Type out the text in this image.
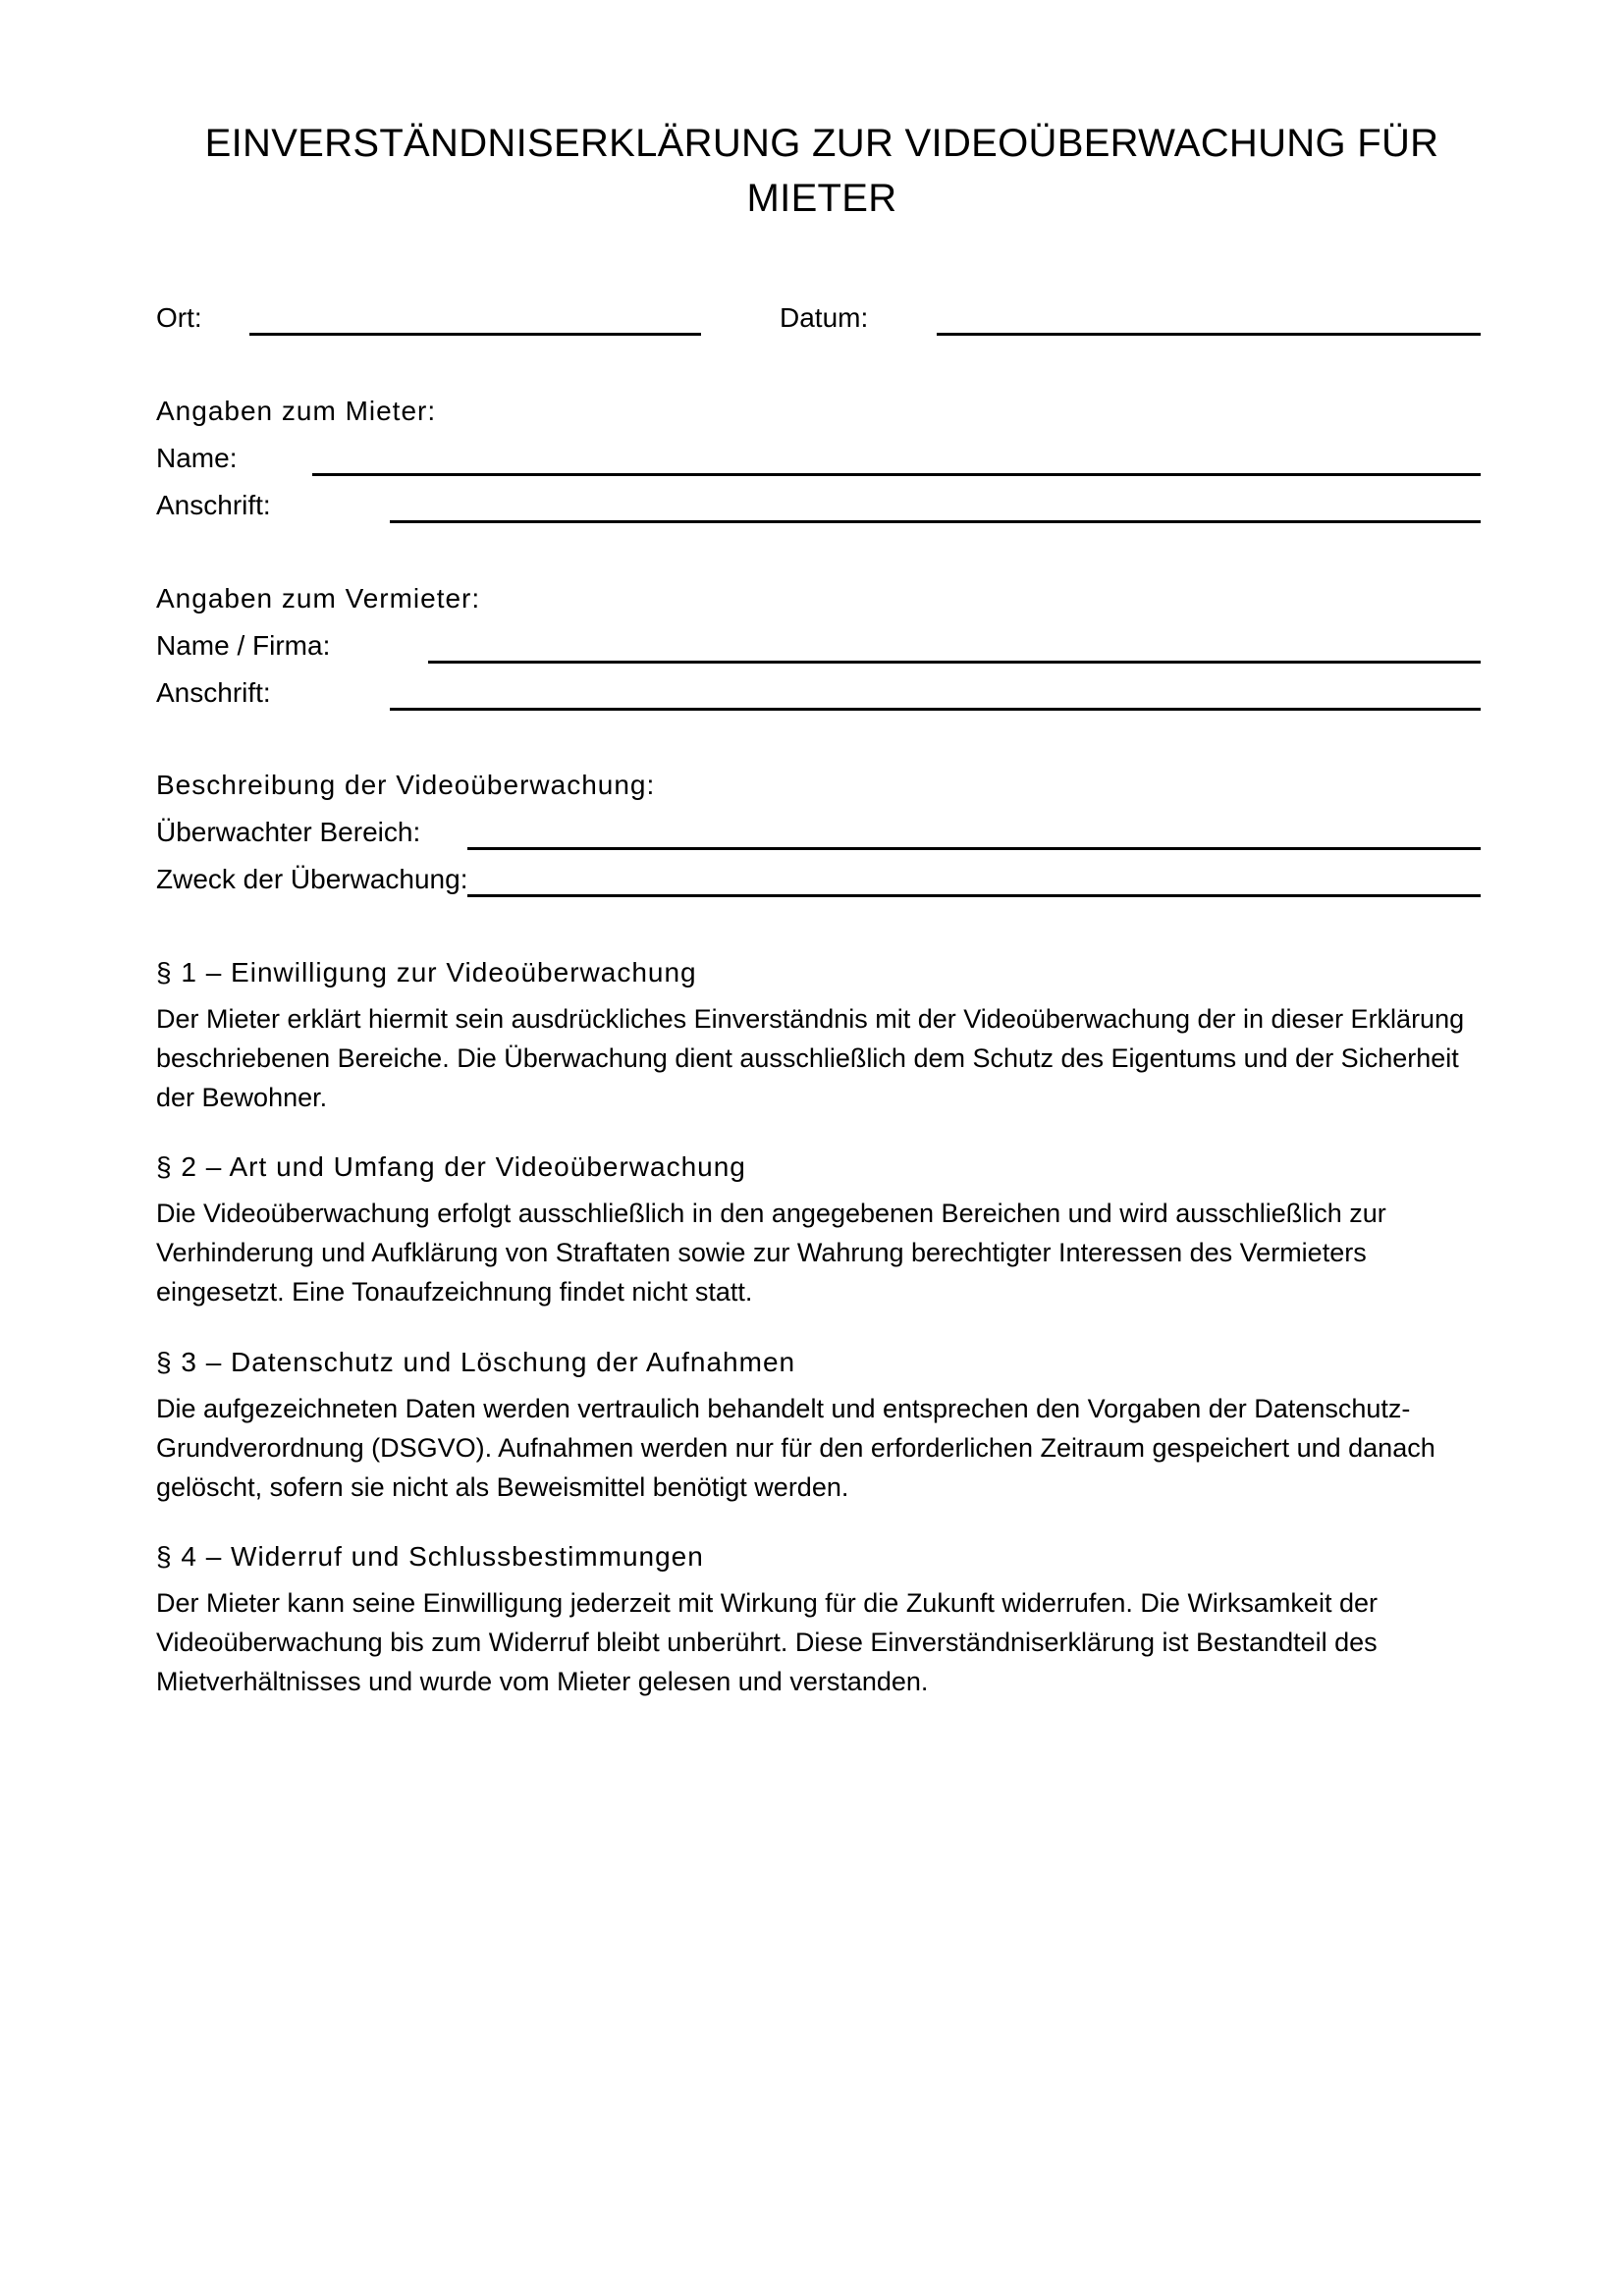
EINVERSTÄNDNISERKLÄRUNG ZUR VIDEOÜBERWACHUNG FÜR MIETER
Ort:	Datum:
Angaben zum Mieter:
Name:
Anschrift:
Angaben zum Vermieter:
Name / Firma:
Anschrift:
Beschreibung der Videoüberwachung:
Überwachter Bereich:
Zweck der Überwachung:
§ 1 – Einwilligung zur Videoüberwachung

Der Mieter erklärt hiermit sein ausdrückliches Einverständnis mit der Videoüberwachung der in dieser Erklärung beschriebenen Bereiche. Die Überwachung dient ausschließlich dem Schutz des Eigentums und der Sicherheit der Bewohner.

§ 2 – Art und Umfang der Videoüberwachung

Die Videoüberwachung erfolgt ausschließlich in den angegebenen Bereichen und wird ausschließlich zur Verhinderung und Aufklärung von Straftaten sowie zur Wahrung berechtigter Interessen des Vermieters eingesetzt. Eine Tonaufzeichnung findet nicht statt.

§ 3 – Datenschutz und Löschung der Aufnahmen

Die aufgezeichneten Daten werden vertraulich behandelt und entsprechen den Vorgaben der Datenschutz-Grundverordnung (DSGVO). Aufnahmen werden nur für den erforderlichen Zeitraum gespeichert und danach gelöscht, sofern sie nicht als Beweismittel benötigt werden.

§ 4 – Widerruf und Schlussbestimmungen

Der Mieter kann seine Einwilligung jederzeit mit Wirkung für die Zukunft widerrufen. Die Wirksamkeit der Videoüberwachung bis zum Widerruf bleibt unberührt. Diese Einverständniserklärung ist Bestandteil des Mietverhältnisses und wurde vom Mieter gelesen und verstanden.
